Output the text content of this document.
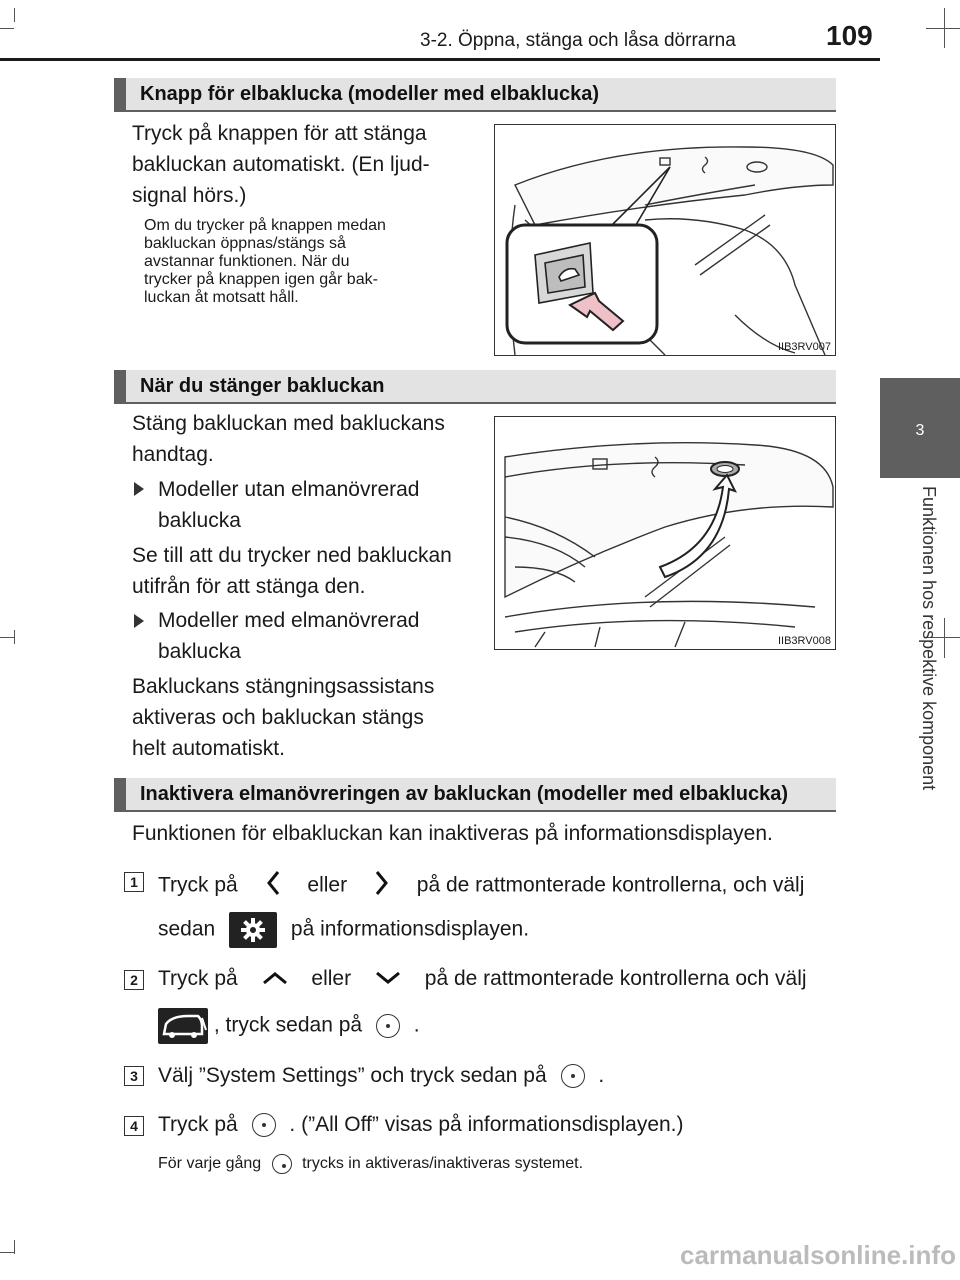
3-2. Öppna, stänga och låsa dörrarna	109
3
Funktionen hos respektive komponent
Knapp för elbaklucka (modeller med elbaklucka)
Tryck på knappen för att stänga
bakluckan automatiskt. (En ljud-
signal hörs.)
Om du trycker på knappen medan
bakluckan öppnas/stängs så
avstannar funktionen. När du
trycker på knappen igen går bak-
luckan åt motsatt håll.
IIB3RV007
När du stänger bakluckan
Stäng bakluckan med bakluckans
handtag.
Modeller utan elmanövrerad
baklucka
Se till att du trycker ned bakluckan
utifrån för att stänga den.
Modeller med elmanövrerad
baklucka
Bakluckans stängningsassistans
aktiveras och bakluckan stängs
helt automatiskt.
IIB3RV008
Inaktivera elmanövreringen av bakluckan (modeller med elbaklucka)
Funktionen för elbakluckan kan inaktiveras på informationsdisplayen.
1 Tryck på	eller	på de rattmonterade kontrollerna, och välj
sedan	på informationsdisplayen.
2 Tryck på	eller	på de rattmonterade kontrollerna och välj
, tryck sedan på .
3 Välj ”System Settings” och tryck sedan på .
4 Tryck på . (”All Off” visas på informationsdisplayen.)
För varje gång	trycks in aktiveras/inaktiveras systemet.
carmanualsonline.info
